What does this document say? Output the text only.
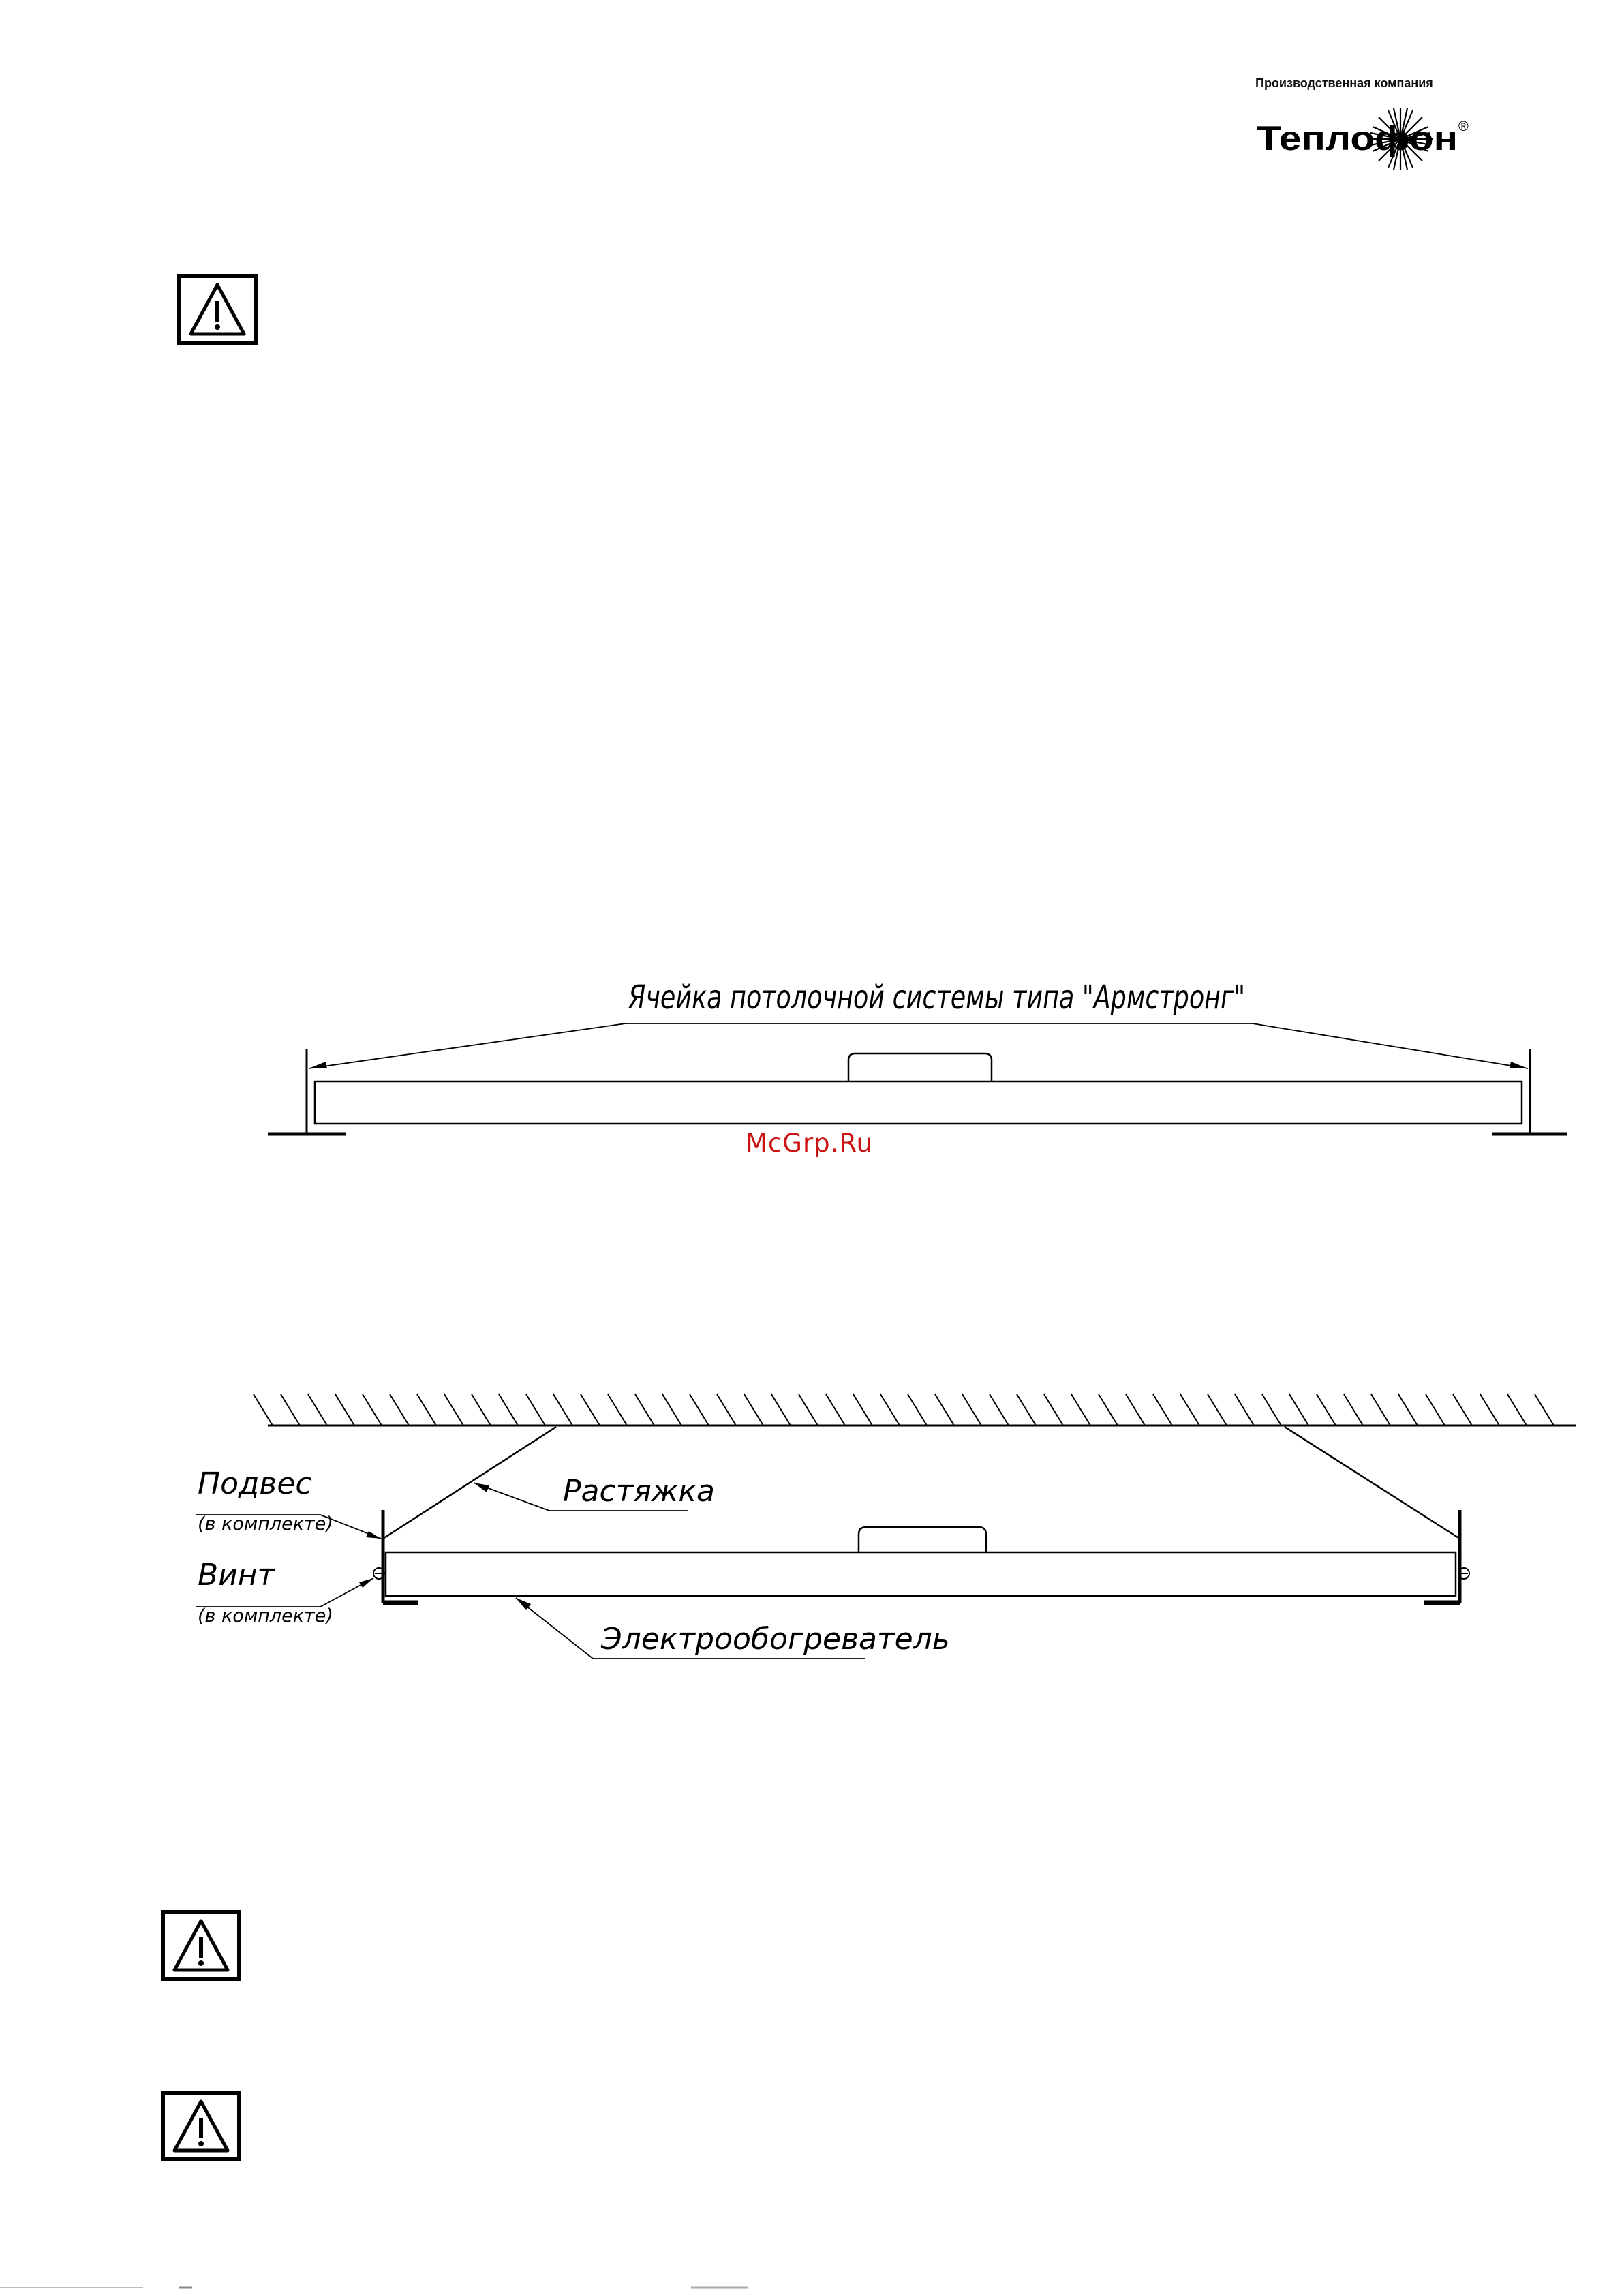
Производственная компания
Теплофон ®
Ячейка потолочной системы типа "Армстронг"
Подвес
(в комплекте)
Винт
(в комплекте)
Растяжка
Электрообогреватель
McGrp.Ru
